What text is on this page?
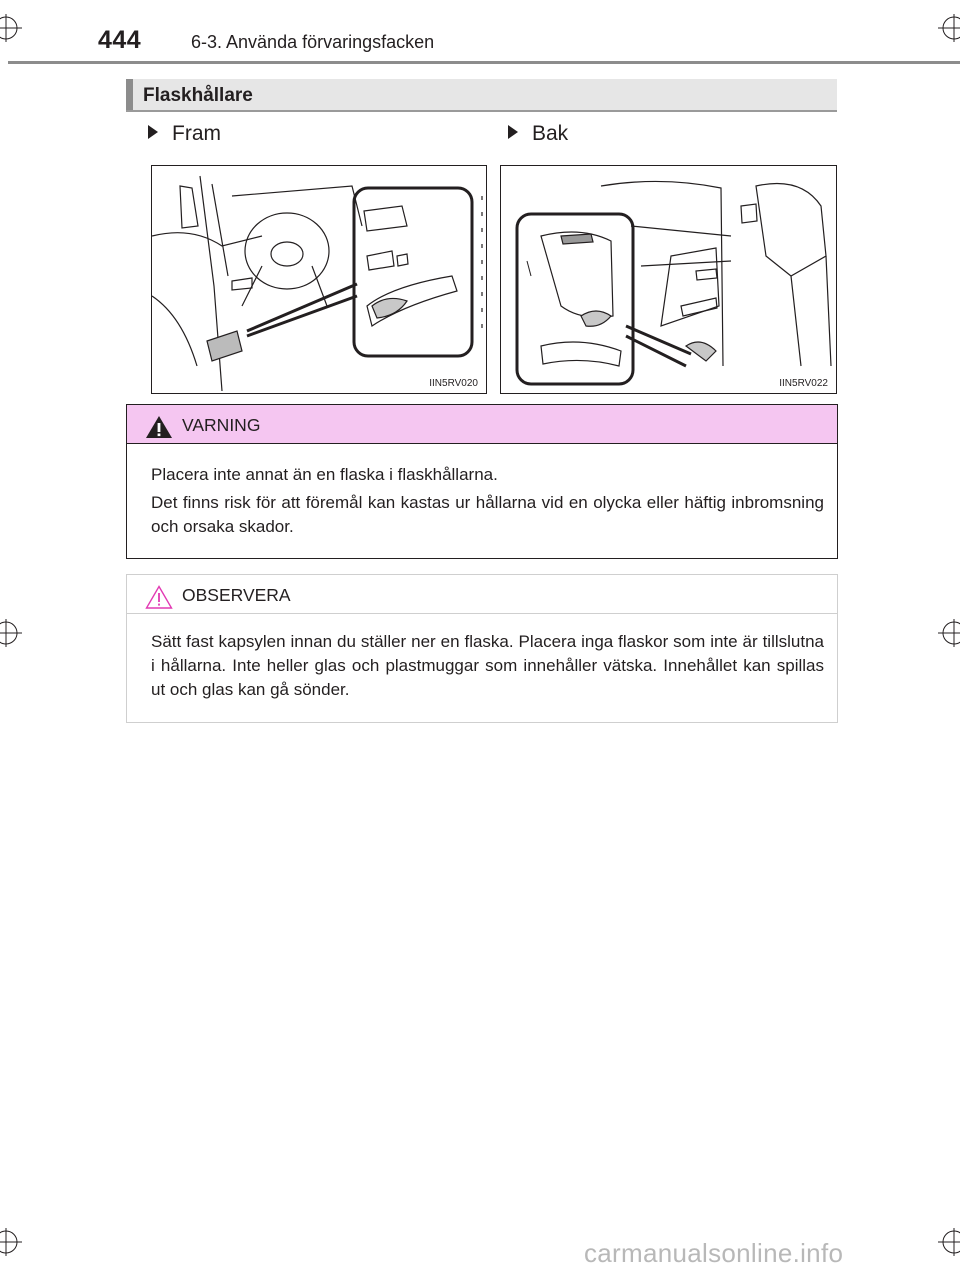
444	6-3. Använda förvaringsfacken
Flaskhållare
Fram	Bak
IIN5RV020	IIN5RV022
VARNING
Placera inte annat än en flaska i flaskhållarna.
Det finns risk för att föremål kan kastas ur hållarna vid en olycka eller häftig inbromsning och orsaka skador.
OBSERVERA
Sätt fast kapsylen innan du ställer ner en flaska. Placera inga flaskor som inte är tillslutna i hållarna. Inte heller glas och plastmuggar som innehåller vätska. Innehållet kan spillas ut och glas kan gå sönder.
carmanualsonline.info
